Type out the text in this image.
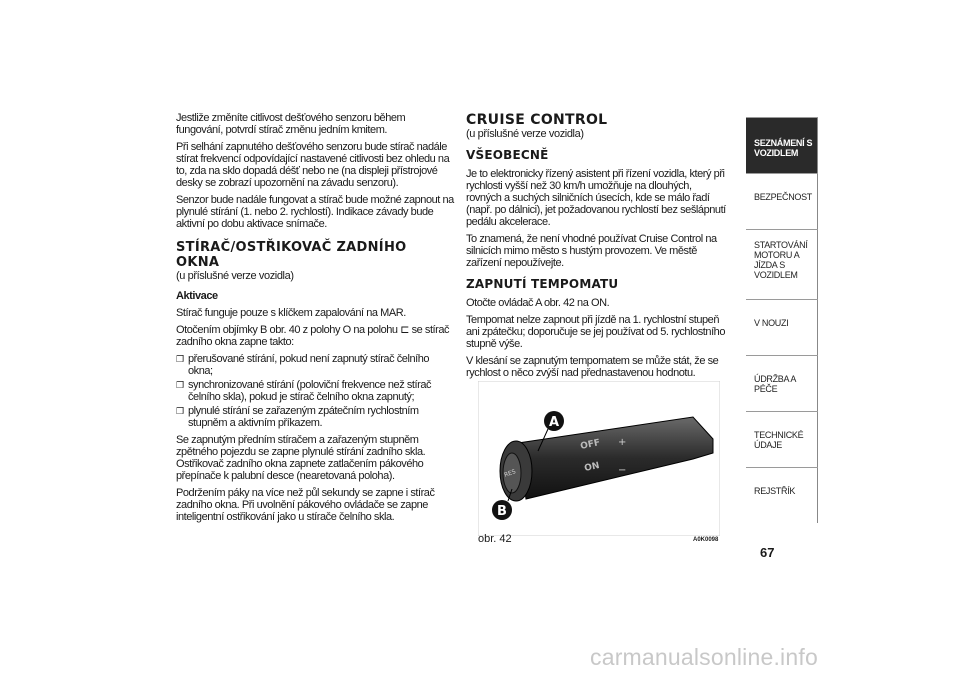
Jestliže změníte citlivost dešťového senzoru během fungování, potvrdí stírač změnu jedním kmitem.

Při selhání zapnutého dešťového senzoru bude stírač nadále stírat frekvencí odpovídající nastavené citlivosti bez ohledu na to, zda na sklo dopadá déšť nebo ne (na displeji přístrojové desky se zobrazí upozornění na závadu senzoru).

Senzor bude nadále fungovat a stírač bude možné zapnout na plynulé stírání (1. nebo 2. rychlostí). Indikace závady bude aktivní po dobu aktivace snímače.

STÍRAČ/OSTŘIKOVAČ ZADNÍHO OKNA
(u příslušné verze vozidla)

Aktivace

Stírač funguje pouze s klíčkem zapalování na MAR.

Otočením objímky B obr. 40 z polohy O na polohu ⊏ se stírač zadního okna zapne takto:

❒ přerušované stírání, pokud není zapnutý stírač čelního okna;
❒ synchronizované stírání (poloviční frekvence než stírač čelního skla), pokud je stírač čelního okna zapnutý;
❒ plynulé stírání se zařazeným zpátečním rychlostním stupněm a aktivním příkazem.

Se zapnutým předním stíračem a zařazeným stupněm zpětného pojezdu se zapne plynulé stírání zadního skla. Ostřikovač zadního okna zapnete zatlačením pákového přepínače k palubní desce (nearetovaná poloha).

Podržením páky na více než půl sekundy se zapne i stírač zadního okna. Při uvolnění pákového ovládače se zapne inteligentní ostřikování jako u stírače čelního skla.

CRUISE CONTROL
(u příslušné verze vozidla)
VŠEOBECNĚ

Je to elektronicky řízený asistent při řízení vozidla, který při rychlosti vyšší než 30 km/h umožňuje na dlouhých, rovných a suchých silničních úsecích, kde se málo řadí (např. po dálnici), jet požadovanou rychlostí bez sešlápnutí pedálu akcelerace.

To znamená, že není vhodné používat Cruise Control na silnicích mimo město s hustým provozem. Ve městě zařízení nepoužívejte.

ZAPNUTÍ TEMPOMATU

Otočte ovládač A obr. 42 na ON.

Tempomat nelze zapnout při jízdě na 1. rychlostní stupeň ani zpátečku; doporučuje se jej používat od 5. rychlostního stupně výše.

V klesání se zapnutým tempomatem se může stát, že se rychlost o něco zvýší nad přednastavenou hodnotu.

RES
OFF
ON
+
−
A
B
obr. 42	A0K0098
SEZNÁMENÍ S VOZIDLEM
BEZPEČNOST
STARTOVÁNÍ MOTORU A JÍZDA S VOZIDLEM
V NOUZI
ÚDRŽBA A PÉČE
TECHNICKÉ ÚDAJE
REJSTŘÍK
67
carmanualsonline.info
